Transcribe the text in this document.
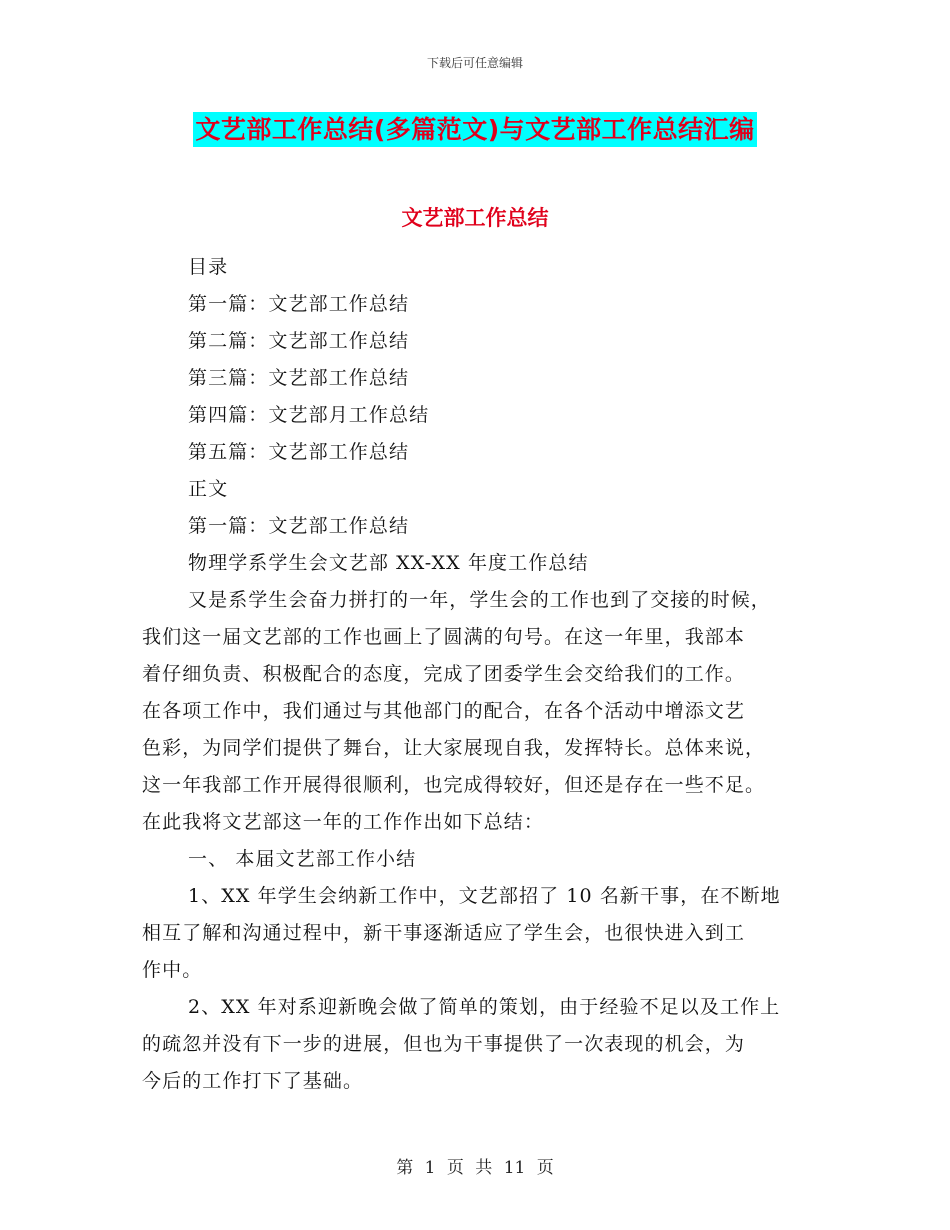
下载后可任意编辑
文艺部工作总结(多篇范文)与文艺部工作总结汇编
文艺部工作总结
目录
第一篇：文艺部工作总结
第二篇：文艺部工作总结
第三篇：文艺部工作总结
第四篇：文艺部月工作总结
第五篇：文艺部工作总结
正文
第一篇：文艺部工作总结
物理学系学生会文艺部 XX-XX 年度工作总结
又是系学生会奋力拼打的一年，学生会的工作也到了交接的时候，
我们这一届文艺部的工作也画上了圆满的句号。在这一年里，我部本
着仔细负责、积极配合的态度，完成了团委学生会交给我们的工作。
在各项工作中，我们通过与其他部门的配合，在各个活动中增添文艺
色彩，为同学们提供了舞台，让大家展现自我，发挥特长。总体来说，
这一年我部工作开展得很顺利，也完成得较好，但还是存在一些不足。
在此我将文艺部这一年的工作作出如下总结：
一、 本届文艺部工作小结
1、XX 年学生会纳新工作中，文艺部招了 10 名新干事，在不断地
相互了解和沟通过程中，新干事逐渐适应了学生会，也很快进入到工
作中。
2、XX 年对系迎新晚会做了简单的策划，由于经验不足以及工作上
的疏忽并没有下一步的进展，但也为干事提供了一次表现的机会，为
今后的工作打下了基础。
第 1 页 共 11 页
